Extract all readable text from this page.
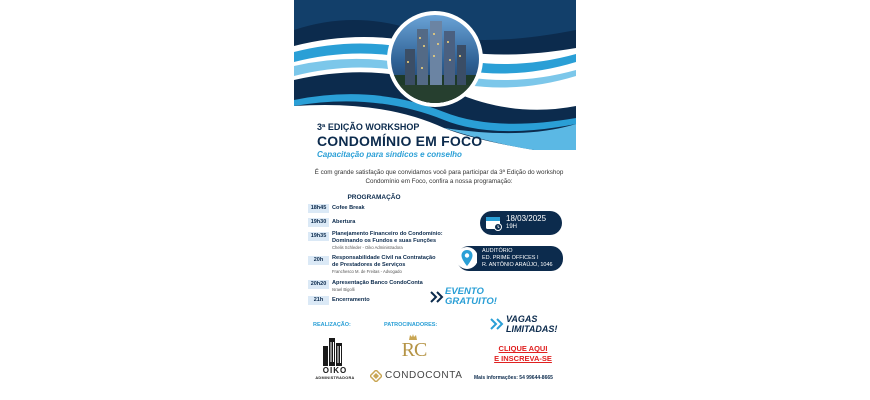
3ª EDIÇÃO WORKSHOP
CONDOMÍNIO EM FOCO
Capacitação para síndicos e conselho
É com grande satisfação que convidamos você para participar da 3ª Edição do workshop Condomínio em Foco, confira a nossa programação:
PROGRAMAÇÃO
18h45	Cofee Break
19h30	Abertura
19h35	Planejamento Financeiro do Condomínio:
Dominando os Fundos e suas Funções
Chelis Schleder - Oiko Administradora
20h	Responsabilidade Civil na Contratação
de Prestadores de Serviços
Franchesco M. de Freitas - Advogado
20h20	Apresentação Banco CondoConta
Israel Bigolli
21h	Encerramento
18/03/2025
19H
AUDITÓRIO
ED. PRIME OFFICES I
R. ANTÔNIO ARAÚJO, 1046
EVENTO
GRATUITO!
VAGAS
LIMITADAS!
REALIZAÇÃO:	PATROCINADORES:
OIKO
ADMINISTRADORA
RC
CONDOCONTA
CLIQUE AQUI
E INSCREVA-SE
Mais informações: 54 99644-8665
